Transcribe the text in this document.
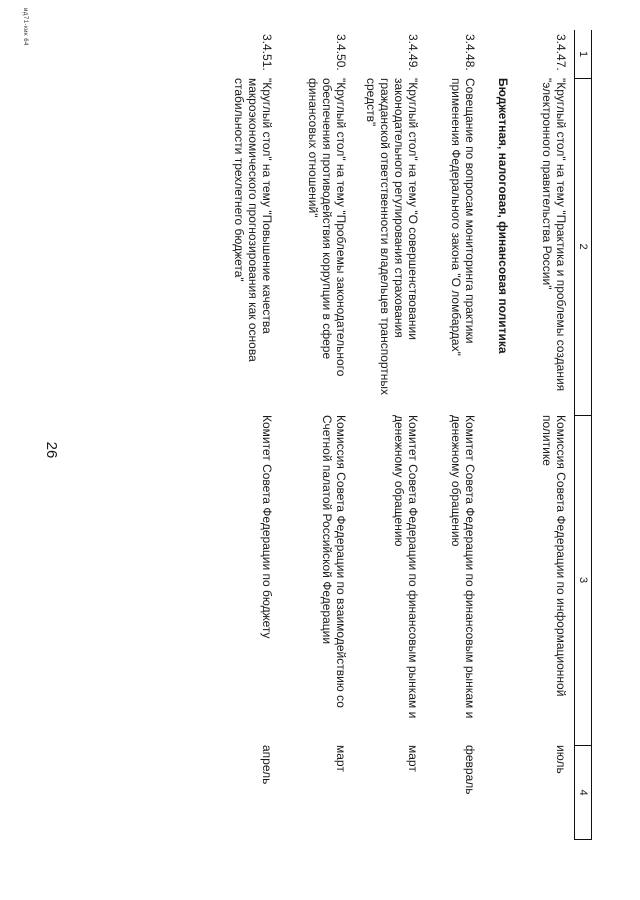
26
1
2
3
4
3.4.47.
"Круглый стол" на тему "Практика и проблемы создания "электронного правительства России"
Комиссия Совета Федерации по информационной политике
июль
Бюджетная, налоговая, финансовая политика
3.4.48.
Совещание по вопросам мониторинга практики применения Федерального закона "О ломбардах"
Комитет Совета Федерации по финансовым рынкам и денежному обращению
февраль
3.4.49.
"Круглый стол" на тему "О совершенствовании законодательного регулирования страхования гражданской ответственности владельцев транспортных средств"
Комитет Совета Федерации по финансовым рынкам и денежному обращению
март
3.4.50.
"Круглый стол" на тему "Проблемы законодательного обеспечения противодействия коррупции в сфере финансовых отношений"
Комиссия Совета Федерации по взаимодействию со Счетной палатой Российской Федерации
март
3.4.51.
"Круглый стол" на тему "Повышение качества макроэкономического прогнозирования как основа стабильности трехлетнего бюджета"
Комитет Совета Федерации по бюджету
апрель
ид71-кик 64
